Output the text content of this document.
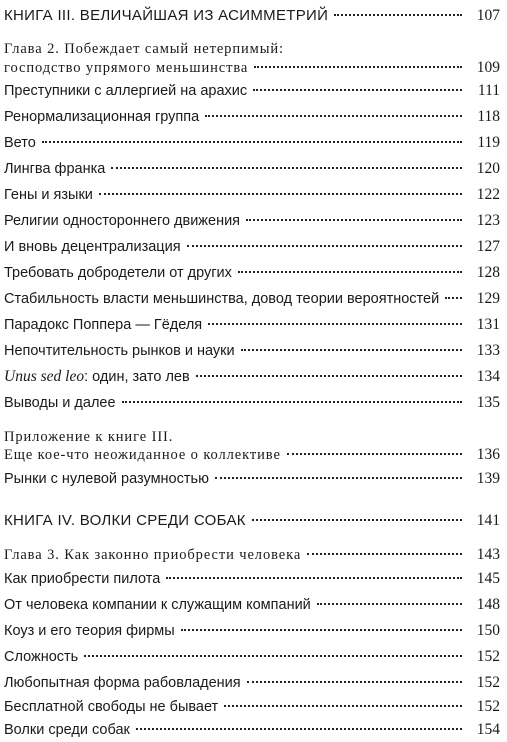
КНИГА III. ВЕЛИЧАЙШАЯ ИЗ АСИММЕТРИЙ	107
Глава 2. Побеждает самый нетерпимый:
господство упрямого меньшинства	109
Преступники с аллергией на арахис	111
Ренормализационная группа	118
Вето	119
Лингва франка	120
Гены и языки	122
Религии одностороннего движения	123
И вновь децентрализация	127
Требовать добродетели от других	128
Стабильность власти меньшинства, довод теории вероятностей	129
Парадокс Поппера — Гёделя	131
Непочтительность рынков и науки	133
Unus sed leo: один, зато лев	134
Выводы и далее	135
Приложение к книге III.
Еще кое-что неожиданное о коллективе	136
Рынки с нулевой разумностью	139
КНИГА IV. ВОЛКИ СРЕДИ СОБАК	141
Глава 3. Как законно приобрести человека	143
Как приобрести пилота	145
От человека компании к служащим компаний	148
Коуз и его теория фирмы	150
Сложность	152
Любопытная форма рабовладения	152
Бесплатной свободы не бывает	152
Волки среди собак	154
